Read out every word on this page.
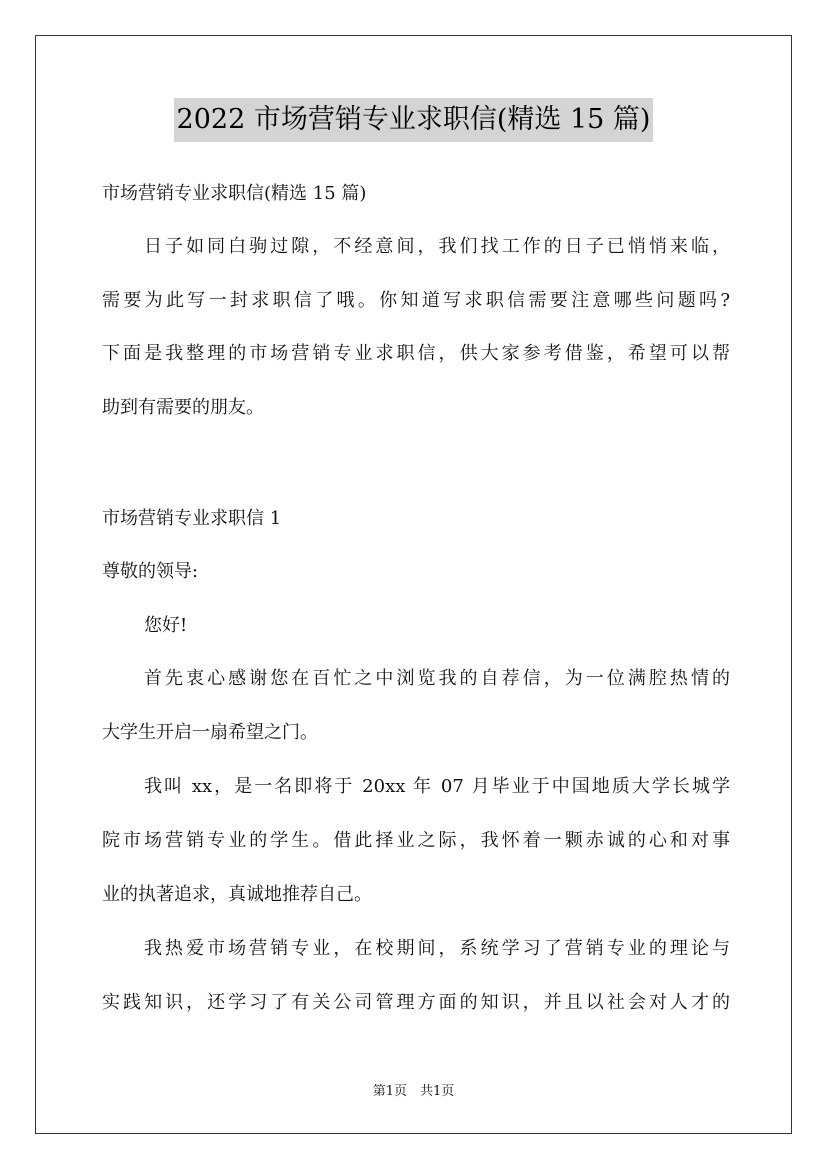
2022 市场营销专业求职信(精选 15 篇)
市场营销专业求职信(精选 15 篇)
日子如同白驹过隙，不经意间，我们找工作的日子已悄悄来临，
需要为此写一封求职信了哦。你知道写求职信需要注意哪些问题吗?
下面是我整理的市场营销专业求职信，供大家参考借鉴，希望可以帮
助到有需要的朋友。
市场营销专业求职信 1
尊敬的领导:
您好!
首先衷心感谢您在百忙之中浏览我的自荐信，为一位满腔热情的
大学生开启一扇希望之门。
我叫 xx，是一名即将于 20xx 年 07 月毕业于中国地质大学长城学
院市场营销专业的学生。借此择业之际，我怀着一颗赤诚的心和对事
业的执著追求，真诚地推荐自己。
我热爱市场营销专业，在校期间，系统学习了营销专业的理论与
实践知识，还学习了有关公司管理方面的知识，并且以社会对人才的
第1页　共1页
